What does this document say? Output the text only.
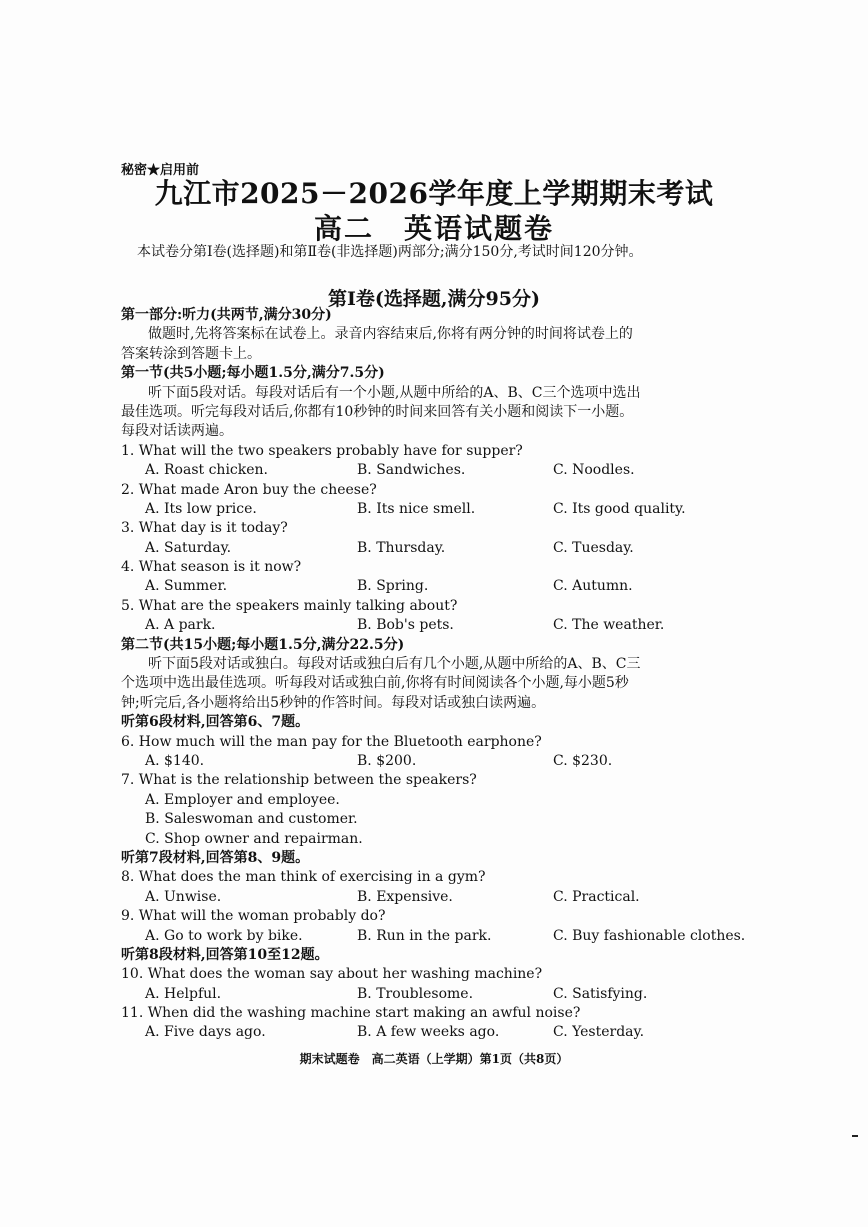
秘密★启用前
九江市2025－2026学年度上学期期末考试
高二　英语试题卷
本试卷分第Ⅰ卷(选择题)和第Ⅱ卷(非选择题)两部分;满分150分,考试时间120分钟。
第Ⅰ卷(选择题,满分95分)
第一部分:听力(共两节,满分30分)
做题时,先将答案标在试卷上。录音内容结束后,你将有两分钟的时间将试卷上的
答案转涂到答题卡上。
第一节(共5小题;每小题1.5分,满分7.5分)
听下面5段对话。每段对话后有一个小题,从题中所给的A、B、C三个选项中选出
最佳选项。听完每段对话后,你都有10秒钟的时间来回答有关小题和阅读下一小题。
每段对话读两遍。
1. What will the two speakers probably have for supper?
A. Roast chicken.	B. Sandwiches.	C. Noodles.
2. What made Aron buy the cheese?
A. Its low price.	B. Its nice smell.	C. Its good quality.
3. What day is it today?
A. Saturday.	B. Thursday.	C. Tuesday.
4. What season is it now?
A. Summer.	B. Spring.	C. Autumn.
5. What are the speakers mainly talking about?
A. A park.	B. Bob's pets.	C. The weather.
第二节(共15小题;每小题1.5分,满分22.5分)
听下面5段对话或独白。每段对话或独白后有几个小题,从题中所给的A、B、C三
个选项中选出最佳选项。听每段对话或独白前,你将有时间阅读各个小题,每小题5秒
钟;听完后,各小题将给出5秒钟的作答时间。每段对话或独白读两遍。
听第6段材料,回答第6、7题。
6. How much will the man pay for the Bluetooth earphone?
A. $140.	B. $200.	C. $230.
7. What is the relationship between the speakers?
A. Employer and employee.
B. Saleswoman and customer.
C. Shop owner and repairman.
听第7段材料,回答第8、9题。
8. What does the man think of exercising in a gym?
A. Unwise.	B. Expensive.	C. Practical.
9. What will the woman probably do?
A. Go to work by bike.	B. Run in the park.	C. Buy fashionable clothes.
听第8段材料,回答第10至12题。
10. What does the woman say about her washing machine?
A. Helpful.	B. Troublesome.	C. Satisfying.
11. When did the washing machine start making an awful noise?
A. Five days ago.	B. A few weeks ago.	C. Yesterday.
期末试题卷　高二英语（上学期）第1页（共8页）
